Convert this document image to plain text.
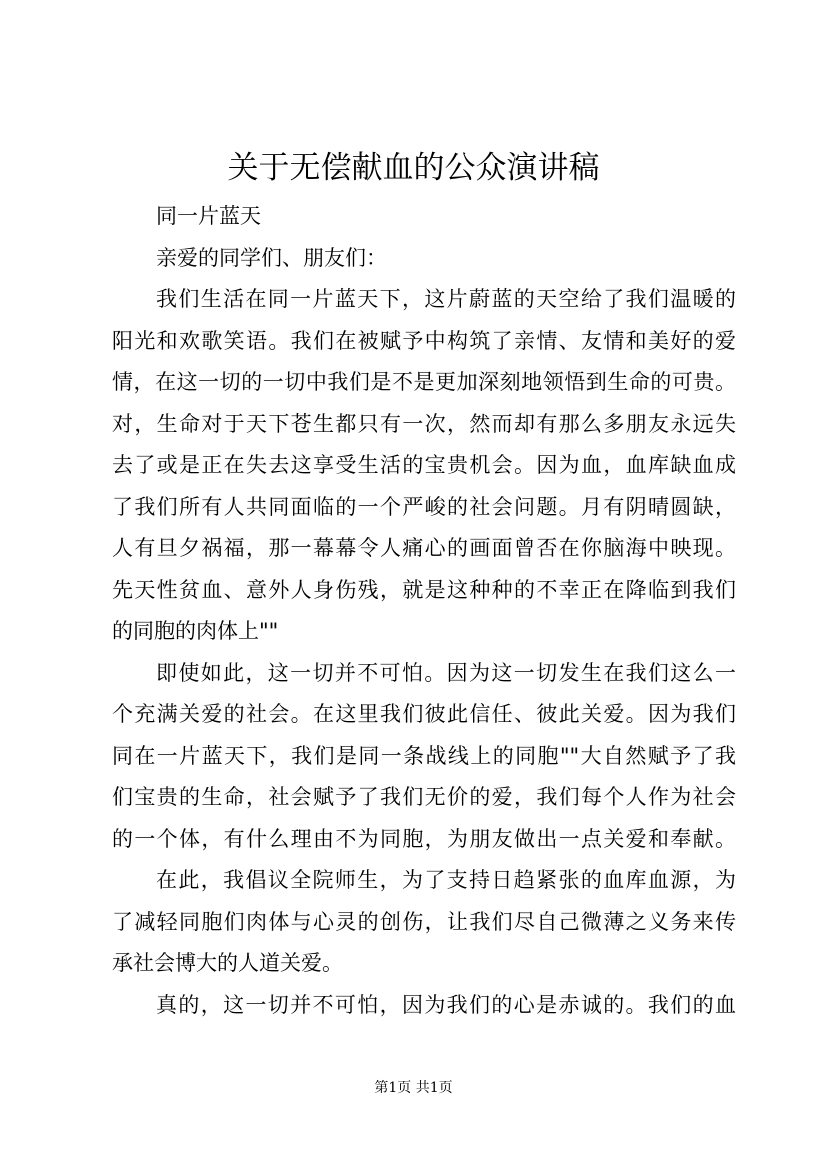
关于无偿献血的公众演讲稿
同一片蓝天
亲爱的同学们、朋友们：
我们生活在同一片蓝天下，这片蔚蓝的天空给了我们温暖的
阳光和欢歌笑语。我们在被赋予中构筑了亲情、友情和美好的爱
情，在这一切的一切中我们是不是更加深刻地领悟到生命的可贵。
对，生命对于天下苍生都只有一次，然而却有那么多朋友永远失
去了或是正在失去这享受生活的宝贵机会。因为血，血库缺血成
了我们所有人共同面临的一个严峻的社会问题。月有阴晴圆缺，
人有旦夕祸福，那一幕幕令人痛心的画面曾否在你脑海中映现。
先天性贫血、意外人身伤残，就是这种种的不幸正在降临到我们
的同胞的肉体上""
即使如此，这一切并不可怕。因为这一切发生在我们这么一
个充满关爱的社会。在这里我们彼此信任、彼此关爱。因为我们
同在一片蓝天下，我们是同一条战线上的同胞""大自然赋予了我
们宝贵的生命，社会赋予了我们无价的爱，我们每个人作为社会
的一个体，有什么理由不为同胞，为朋友做出一点关爱和奉献。
在此，我倡议全院师生，为了支持日趋紧张的血库血源，为
了减轻同胞们肉体与心灵的创伤，让我们尽自己微薄之义务来传
承社会博大的人道关爱。
真的，这一切并不可怕，因为我们的心是赤诚的。我们的血
第1页 共1页
